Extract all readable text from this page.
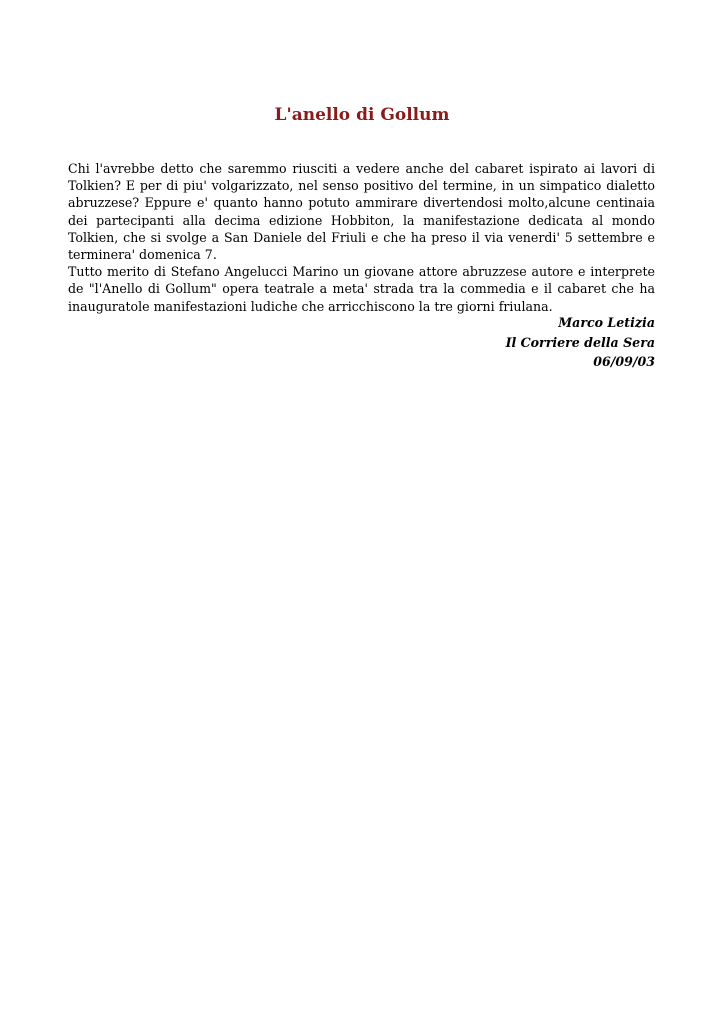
L'anello di Gollum

Chi l'avrebbe detto che saremmo riusciti a vedere anche del cabaret ispirato ai lavori di Tolkien? E per di piu' volgarizzato, nel senso positivo del termine, in un simpatico dialetto abruzzese? Eppure e' quanto hanno potuto ammirare divertendosi molto,alcune centinaia dei partecipanti alla decima edizione Hobbiton, la manifestazione dedicata al mondo Tolkien, che si svolge a San Daniele del Friuli e che ha preso il via venerdi' 5 settembre e terminera' domenica 7.

Tutto merito di Stefano Angelucci Marino un giovane attore abruzzese autore e interprete de "l'Anello di Gollum" opera teatrale a meta' strada tra la commedia e il cabaret che ha inauguratole manifestazioni ludiche che arricchiscono la tre giorni friulana.

Marco Letizia
Il Corriere della Sera
06/09/03
